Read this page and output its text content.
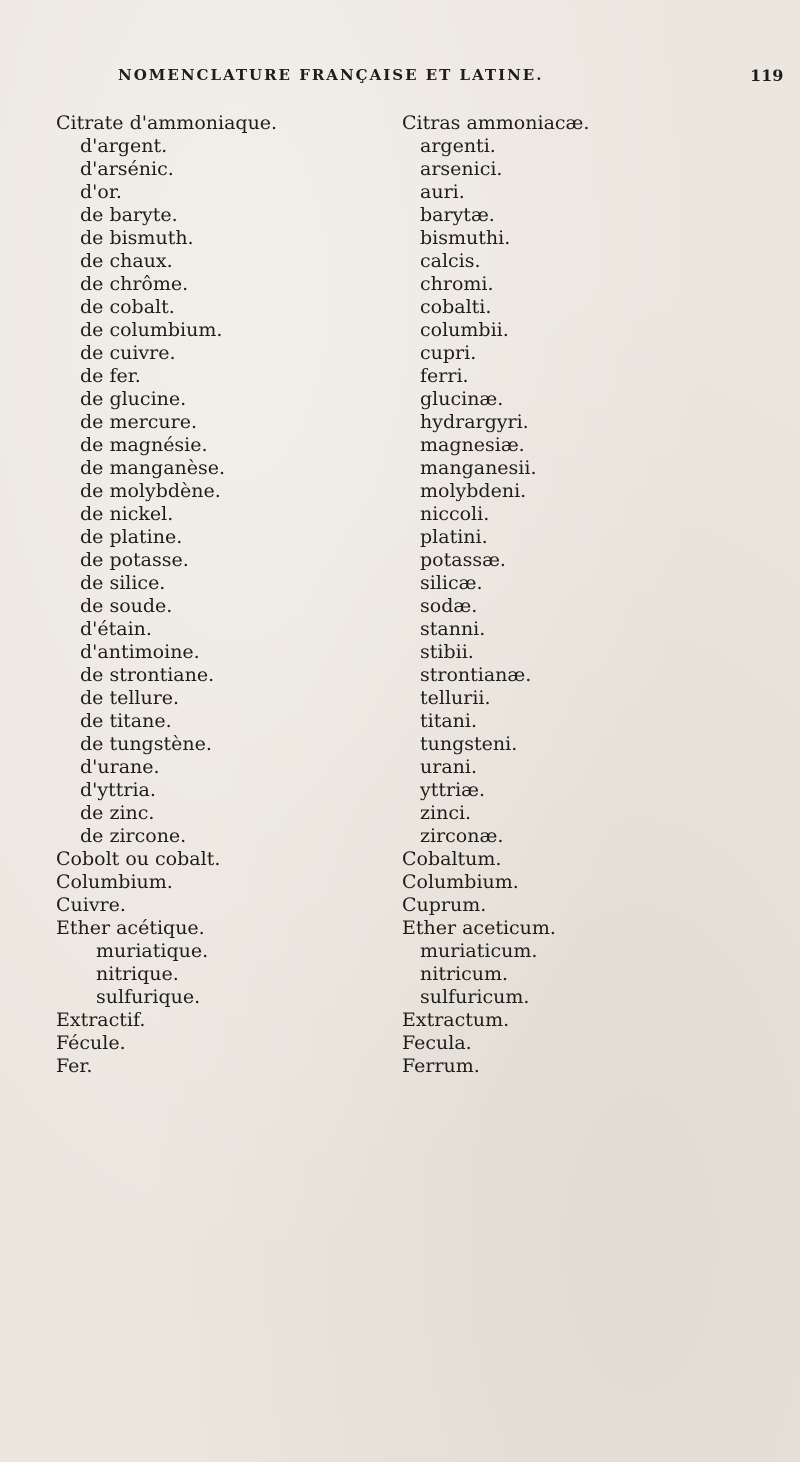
NOMENCLATURE FRANÇAISE ET LATINE.	119
Citrate d'ammoniaque.
d'argent.
d'arsénic.
d'or.
de baryte.
de bismuth.
de chaux.
de chrôme.
de cobalt.
de columbium.
de cuivre.
de fer.
de glucine.
de mercure.
de magnésie.
de manganèse.
de molybdène.
de nickel.
de platine.
de potasse.
de silice.
de soude.
d'étain.
d'antimoine.
de strontiane.
de tellure.
de titane.
de tungstène.
d'urane.
d'yttria.
de zinc.
de zircone.
Cobolt ou cobalt.
Columbium.
Cuivre.
Ether acétique.
muriatique.
nitrique.
sulfurique.
Extractif.
Fécule.
Fer.
Citras ammoniacæ.
argenti.
arsenici.
auri.
barytæ.
bismuthi.
calcis.
chromi.
cobalti.
columbii.
cupri.
ferri.
glucinæ.
hydrargyri.
magnesiæ.
manganesii.
molybdeni.
niccoli.
platini.
potassæ.
silicæ.
sodæ.
stanni.
stibii.
strontianæ.
tellurii.
titani.
tungsteni.
urani.
yttriæ.
zinci.
zirconæ.
Cobaltum.
Columbium.
Cuprum.
Ether aceticum.
muriaticum.
nitricum.
sulfuricum.
Extractum.
Fecula.
Ferrum.
